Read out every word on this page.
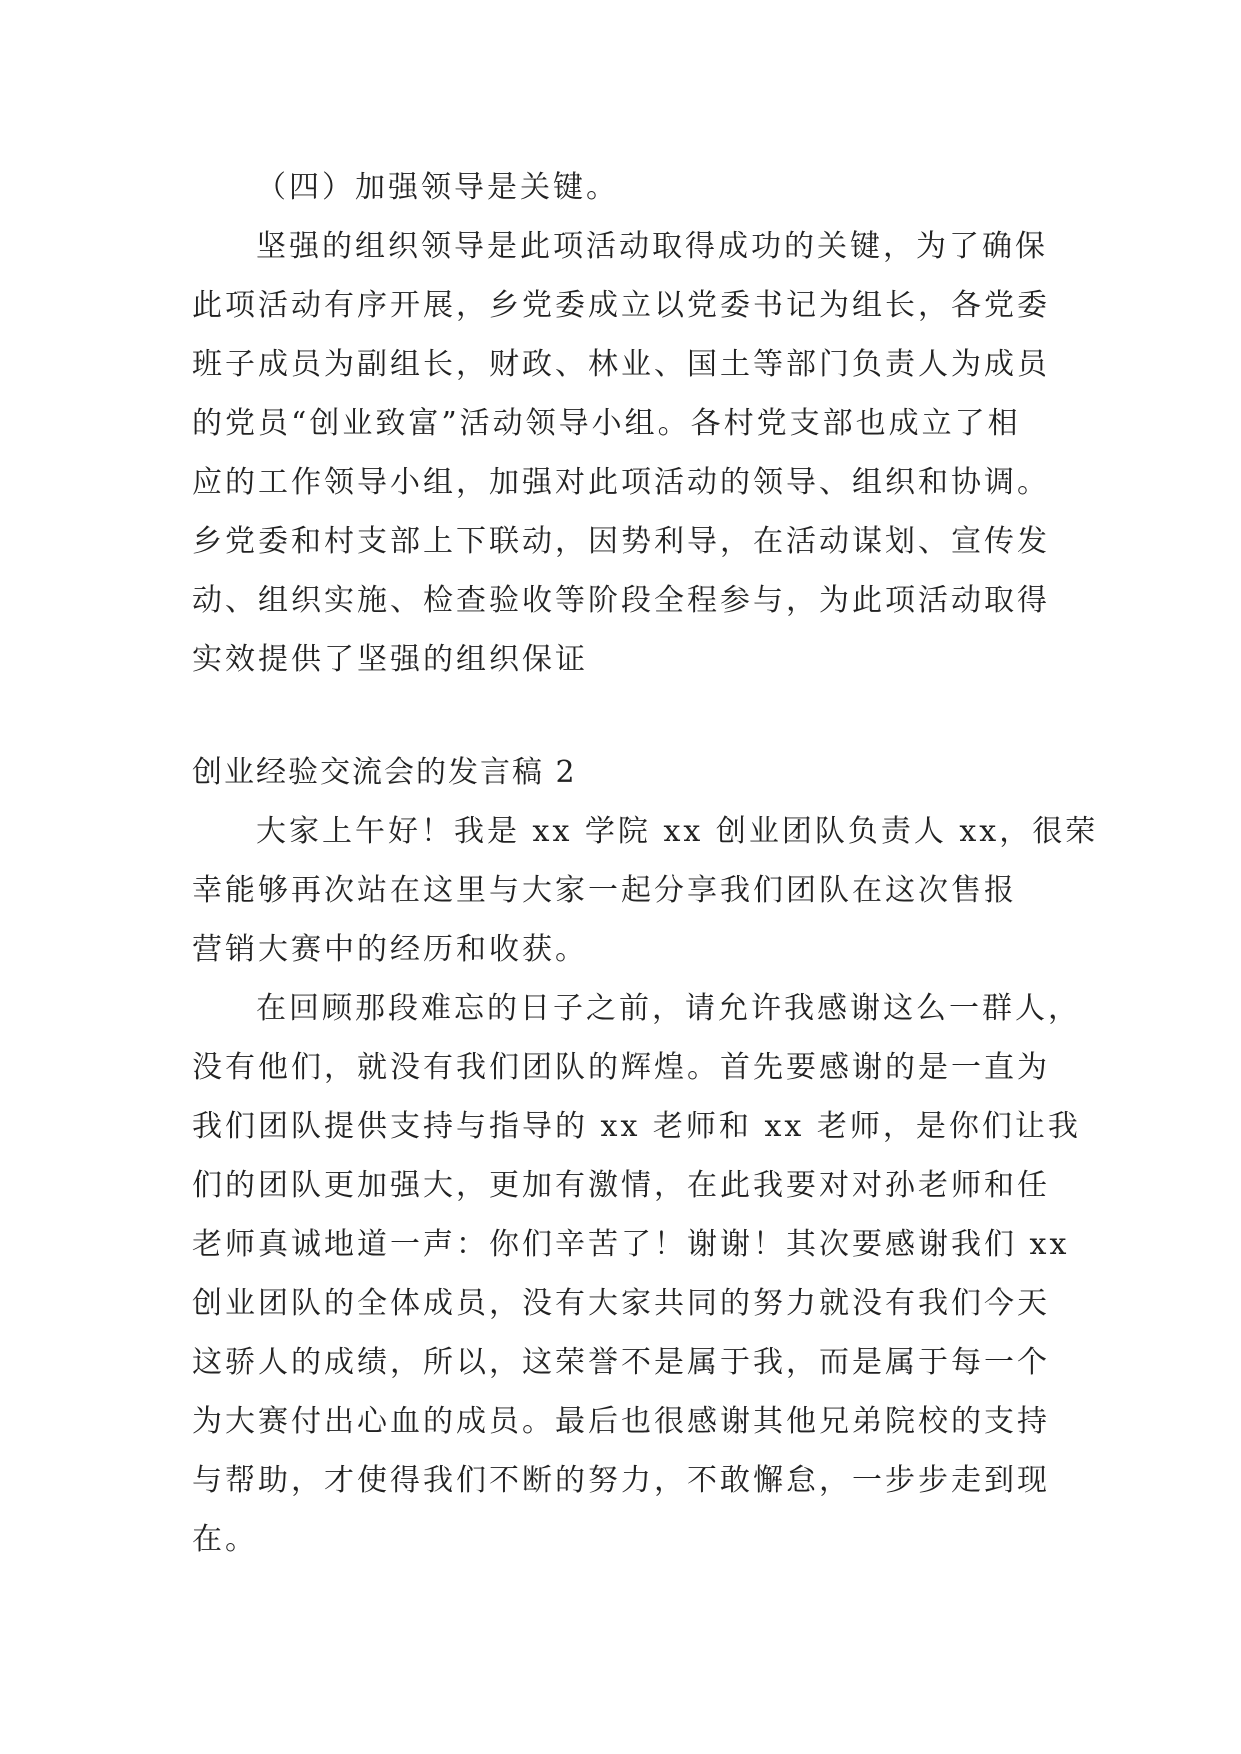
（四）加强领导是关键。
坚强的组织领导是此项活动取得成功的关键，为了确保
此项活动有序开展，乡党委成立以党委书记为组长，各党委
班子成员为副组长，财政、林业、国土等部门负责人为成员
的党员“创业致富”活动领导小组。各村党支部也成立了相
应的工作领导小组，加强对此项活动的领导、组织和协调。
乡党委和村支部上下联动，因势利导，在活动谋划、宣传发
动、组织实施、检查验收等阶段全程参与，为此项活动取得
实效提供了坚强的组织保证
创业经验交流会的发言稿 2
大家上午好！我是 xx 学院 xx 创业团队负责人 xx，很荣
幸能够再次站在这里与大家一起分享我们团队在这次售报
营销大赛中的经历和收获。
在回顾那段难忘的日子之前，请允许我感谢这么一群人，
没有他们，就没有我们团队的辉煌。首先要感谢的是一直为
我们团队提供支持与指导的 xx 老师和 xx 老师，是你们让我
们的团队更加强大，更加有激情，在此我要对对孙老师和任
老师真诚地道一声：你们辛苦了！谢谢！其次要感谢我们 xx
创业团队的全体成员，没有大家共同的努力就没有我们今天
这骄人的成绩，所以，这荣誉不是属于我，而是属于每一个
为大赛付出心血的成员。最后也很感谢其他兄弟院校的支持
与帮助，才使得我们不断的努力，不敢懈怠，一步步走到现
在。
